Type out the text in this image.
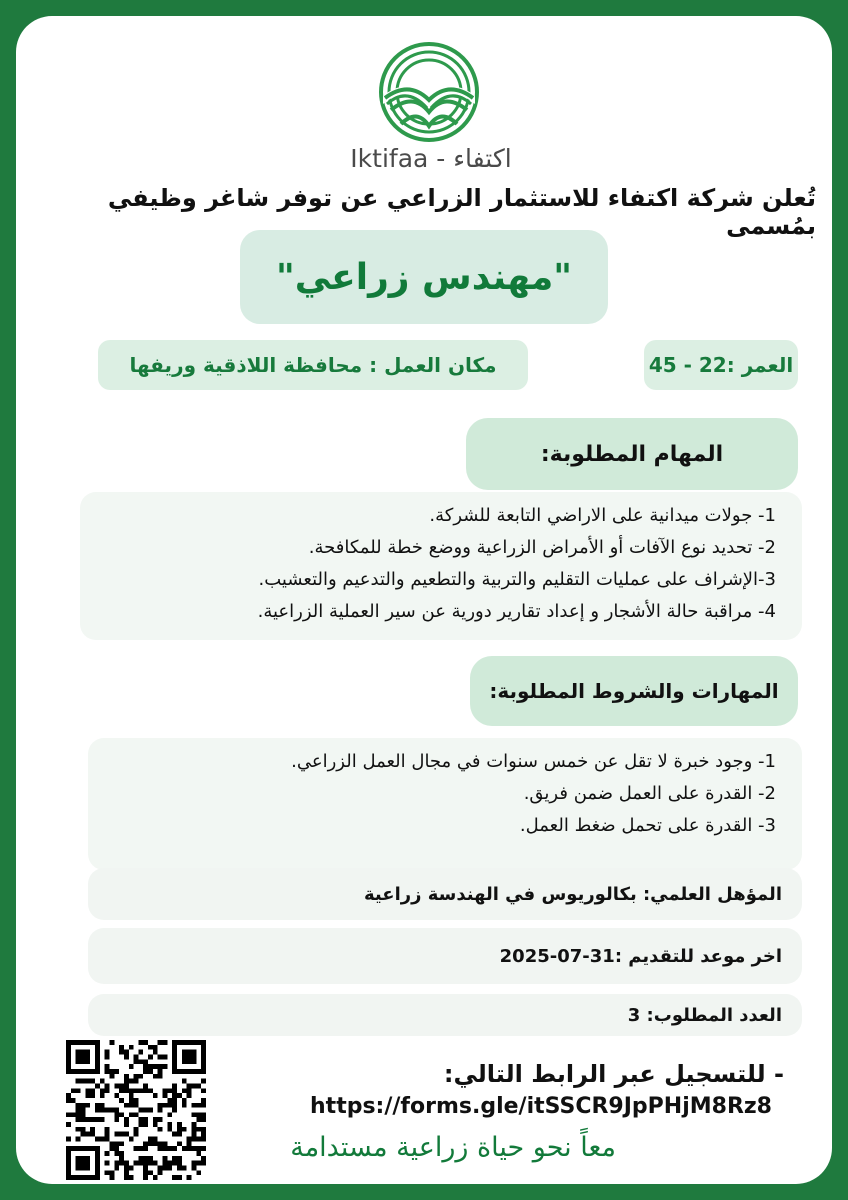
Iktifaa - اكتفاء
تُعلن شركة اكتفاء للاستثمار الزراعي عن توفر شاغر وظيفي بمُسمى
"مهندس زراعي"
مكان العمل : محافظة اللاذقية وريفها	العمر :22 - 45
المهام المطلوبة:
1- جولات ميدانية على الاراضي التابعة للشركة.
2- تحديد نوع الآفات أو الأمراض الزراعية ووضع خطة للمكافحة.
3-الإشراف على عمليات التقليم والتربية والتطعيم والتدعيم والتعشيب.
4- مراقبة حالة الأشجار و إعداد تقارير دورية عن سير العملية الزراعية.
المهارات والشروط المطلوبة:
1- وجود خبرة لا تقل عن خمس سنوات في مجال العمل الزراعي.
2- القدرة على العمل ضمن فريق.
3- القدرة على تحمل ضغط العمل.
المؤهل العلمي: بكالوريوس في الهندسة زراعية
اخر موعد للتقديم :31-07-2025
العدد المطلوب: 3
- للتسجيل عبر الرابط التالي:
https://forms.gle/itSSCR9JpPHjM8Rz8
معاً نحو حياة زراعية مستدامة
